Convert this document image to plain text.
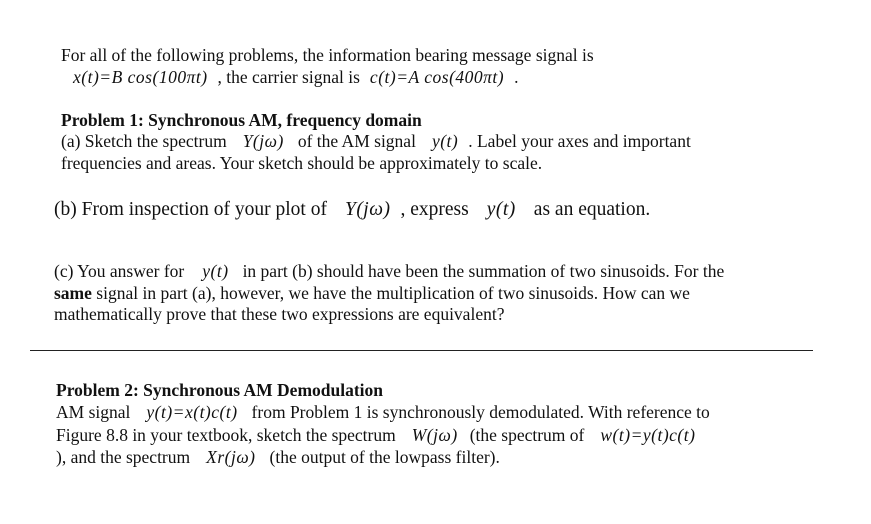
For all of the following problems, the information bearing message signal is
x(t)=B cos(100πt) , the carrier signal is c(t)=A cos(400πt) .
Problem 1: Synchronous AM, frequency domain
(a) Sketch the spectrum Y(jω) of the AM signal y(t) . Label your axes and important
frequencies and areas. Your sketch should be approximately to scale.
(b) From inspection of your plot of Y(jω) , express y(t) as an equation.
(c) You answer for y(t) in part (b) should have been the summation of two sinusoids. For the
same signal in part (a), however, we have the multiplication of two sinusoids. How can we
mathematically prove that these two expressions are equivalent?
Problem 2: Synchronous AM Demodulation
AM signal y(t)=x(t)c(t) from Problem 1 is synchronously demodulated. With reference to
Figure 8.8 in your textbook, sketch the spectrum W(jω) (the spectrum of w(t)=y(t)c(t)
), and the spectrum Xr(jω) (the output of the lowpass filter).
